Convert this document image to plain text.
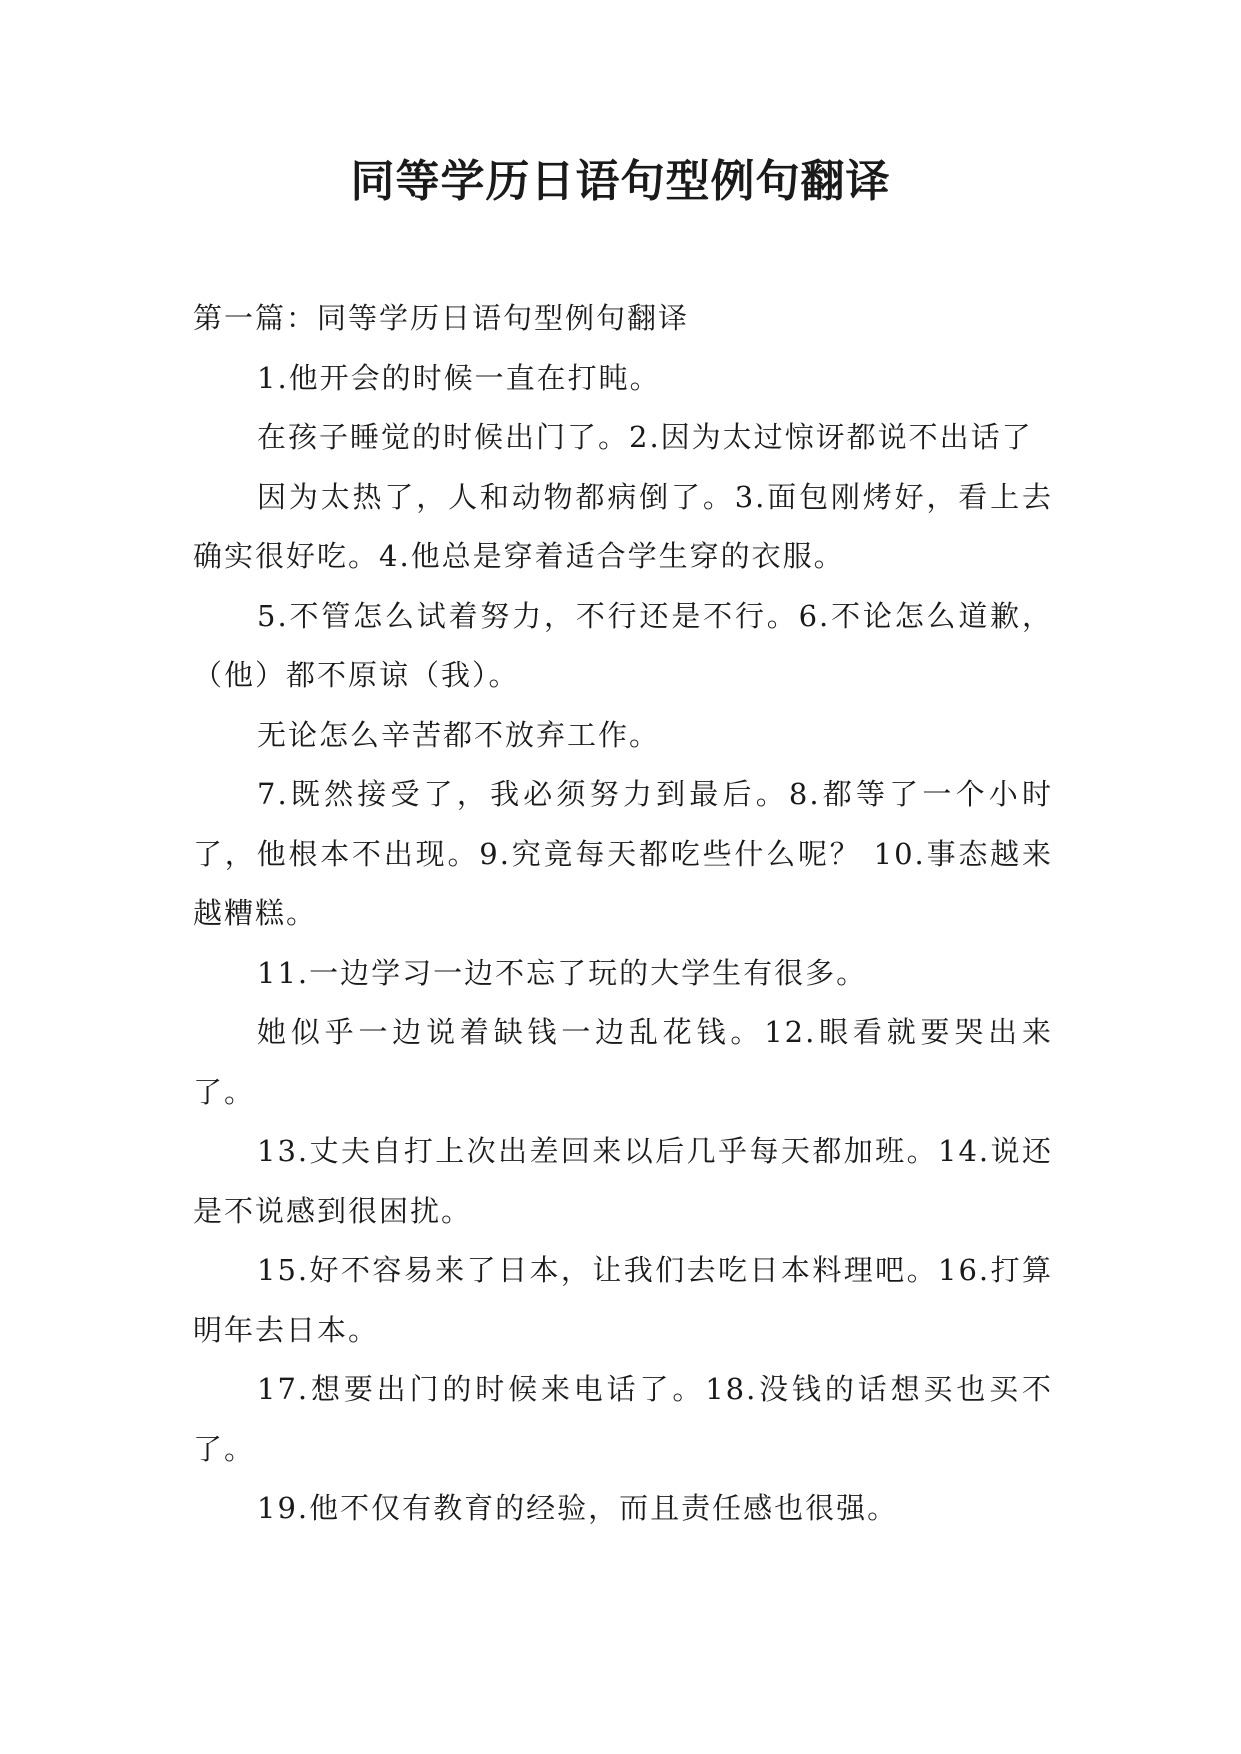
同等学历日语句型例句翻译

第一篇：同等学历日语句型例句翻译

1.他开会的时候一直在打盹。

在孩子睡觉的时候出门了。2.因为太过惊讶都说不出话了

因为太热了，人和动物都病倒了。3.面包刚烤好，看上去确实很好吃。4.他总是穿着适合学生穿的衣服。

5.不管怎么试着努力，不行还是不行。6.不论怎么道歉，（他）都不原谅（我）。

无论怎么辛苦都不放弃工作。

7.既然接受了，我必须努力到最后。8.都等了一个小时了，他根本不出现。9.究竟每天都吃些什么呢？ 10.事态越来越糟糕。

11.一边学习一边不忘了玩的大学生有很多。

她似乎一边说着缺钱一边乱花钱。12.眼看就要哭出来了。

13.丈夫自打上次出差回来以后几乎每天都加班。14.说还是不说感到很困扰。

15.好不容易来了日本，让我们去吃日本料理吧。16.打算明年去日本。

17.想要出门的时候来电话了。18.没钱的话想买也买不了。

19.他不仅有教育的经验，而且责任感也很强。
